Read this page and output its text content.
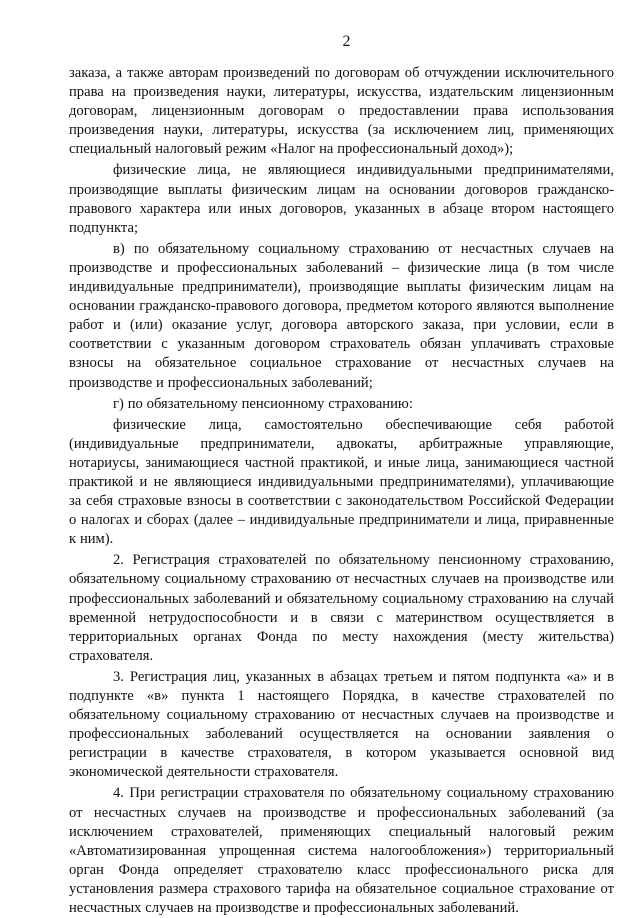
2

заказа, а также авторам произведений по договорам об отчуждении исключительного права на произведения науки, литературы, искусства, издательским лицензионным договорам, лицензионным договорам о предоставлении права использования произведения науки, литературы, искусства (за исключением лиц, применяющих специальный налоговый режим «Налог на профессиональный доход»);

физические лица, не являющиеся индивидуальными предпринимателями, производящие выплаты физическим лицам на основании договоров гражданско-правового характера или иных договоров, указанных в абзаце втором настоящего подпункта;

в) по обязательному социальному страхованию от несчастных случаев на производстве и профессиональных заболеваний – физические лица (в том числе индивидуальные предприниматели), производящие выплаты физическим лицам на основании гражданско-правового договора, предметом которого являются выполнение работ и (или) оказание услуг, договора авторского заказа, при условии, если в соответствии с указанным договором страхователь обязан уплачивать страховые взносы на обязательное социальное страхование от несчастных случаев на производстве и профессиональных заболеваний;

г) по обязательному пенсионному страхованию:

физические лица, самостоятельно обеспечивающие себя работой (индивидуальные предприниматели, адвокаты, арбитражные управляющие, нотариусы, занимающиеся частной практикой, и иные лица, занимающиеся частной практикой и не являющиеся индивидуальными предпринимателями), уплачивающие за себя страховые взносы в соответствии с законодательством Российской Федерации о налогах и сборах (далее – индивидуальные предприниматели и лица, приравненные к ним).

2. Регистрация страхователей по обязательному пенсионному страхованию, обязательному социальному страхованию от несчастных случаев на производстве или профессиональных заболеваний и обязательному социальному страхованию на случай временной нетрудоспособности и в связи с материнством осуществляется в территориальных органах Фонда по месту нахождения (месту жительства) страхователя.

3. Регистрация лиц, указанных в абзацах третьем и пятом подпункта «а» и в подпункте «в» пункта 1 настоящего Порядка, в качестве страхователей по обязательному социальному страхованию от несчастных случаев на производстве и профессиональных заболеваний осуществляется на основании заявления о регистрации в качестве страхователя, в котором указывается основной вид экономической деятельности страхователя.

4. При регистрации страхователя по обязательному социальному страхованию от несчастных случаев на производстве и профессиональных заболеваний (за исключением страхователей, применяющих специальный налоговый режим «Автоматизированная упрощенная система налогообложения») территориальный орган Фонда определяет страхователю класс профессионального риска для установления размера страхового тарифа на обязательное социальное страхование от несчастных случаев на производстве и профессиональных заболеваний.
